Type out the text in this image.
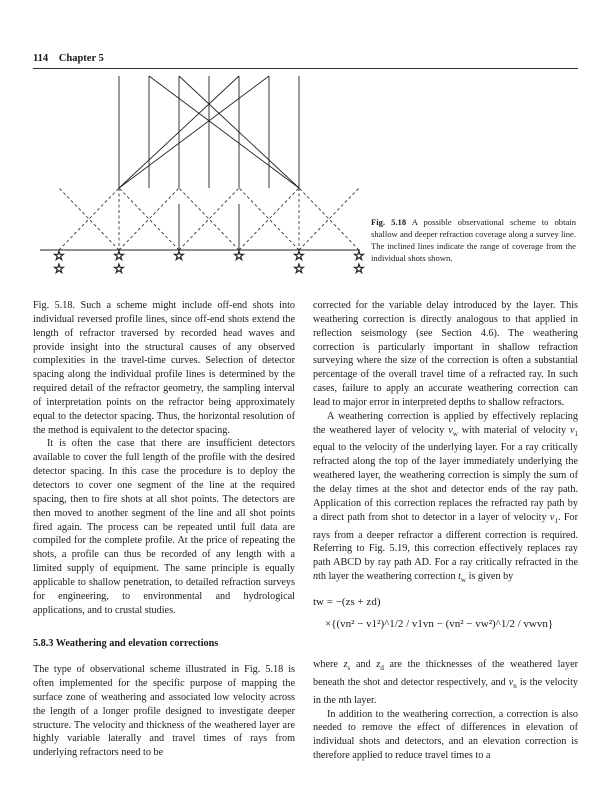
114 Chapter 5
☆	☆	☆	☆	☆	☆
☆	☆	☆	☆
Fig. 5.18 A possible observational scheme to obtain shallow and deeper refraction coverage along a survey line. The inclined lines indicate the range of coverage from the individual shots shown.

Fig. 5.18. Such a scheme might include off-end shots into individual reversed profile lines, since off-end shots extend the length of refractor traversed by recorded head waves and provide insight into the structural causes of any observed complexities in the travel-time curves. Selection of detector spacing along the individual profile lines is determined by the required detail of the refractor geometry, the sampling interval of interpretation points on the refractor being approximately equal to the detector spacing. Thus, the horizontal resolution of the method is equivalent to the detector spacing.

It is often the case that there are insufficient detectors available to cover the full length of the profile with the desired detector spacing. In this case the procedure is to deploy the detectors to cover one segment of the line at the required spacing, then to fire shots at all shot points. The detectors are then moved to another segment of the line and all shot points fired again. The process can be repeated until full data are compiled for the complete profile. At the price of repeating the shots, a profile can thus be recorded of any length with a limited supply of equipment. The same principle is equally applicable to shallow penetration, to detailed refraction surveys for engineering, to environmental and hydrological applications, and to crustal studies.

5.8.3 Weathering and elevation corrections

The type of observational scheme illustrated in Fig. 5.18 is often implemented for the specific purpose of mapping the surface zone of weathering and associated low velocity across the length of a longer profile designed to investigate deeper structure. The velocity and thickness of the weathered layer are highly variable laterally and travel times of rays from underlying refractors need to be

corrected for the variable delay introduced by the layer. This weathering correction is directly analogous to that applied in reflection seismology (see Section 4.6). The weathering correction is particularly important in shallow refraction surveying where the size of the correction is often a substantial percentage of the overall travel time of a refracted ray. In such cases, failure to apply an accurate weathering correction can lead to major error in interpreted depths to shallow refractors.

A weathering correction is applied by effectively replacing the weathered layer of velocity $v_w$ with material of velocity $v_1$ equal to the velocity of the underlying layer. For a ray critically refracted along the top of the layer immediately underlying the weathered layer, the weathering correction is simply the sum of the delay times at the shot and detector ends of the ray path. Application of this correction replaces the refracted ray path by a direct path from shot to detector in a layer of velocity $v_1$. For rays from a deeper refractor a different correction is required. Referring to Fig. 5.19, this correction effectively replaces ray path ABCD by ray path AD. For a ray critically refracted in the nth layer the weathering correction $t_w$ is given by

tw = −(zs + zd)
×{(vn² − v1²)^1/2 / v1vn − (vn² − vw²)^1/2 / vwvn}

where $z_s$ and $z_d$ are the thicknesses of the weathered layer beneath the shot and detector respectively, and $v_n$ is the velocity in the nth layer.

In addition to the weathering correction, a correction is also needed to remove the effect of differences in elevation of individual shots and detectors, and an elevation correction is therefore applied to reduce travel times to a
